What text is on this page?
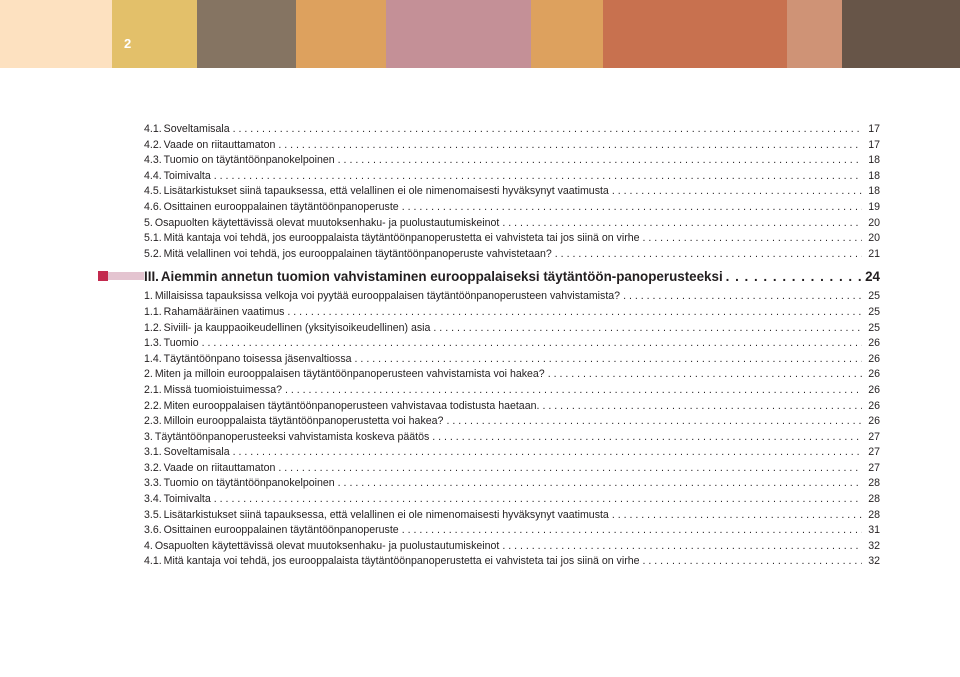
2
4.1. Soveltamisala . . .	17
4.2. Vaade on riitauttamaton . . .	17
4.3. Tuomio on täytäntöönpanokelpoinen . . .	18
4.4. Toimivalta . . .	18
4.5. Lisätarkistukset siinä tapauksessa, että velallinen ei ole nimenomaisesti hyväksynyt vaatimusta . . .	18
4.6. Osittainen eurooppalainen täytäntöönpanoperuste . . .	19
5. Osapuolten käytettävissä olevat muutoksenhaku- ja puolustautumiskeinot . . .	20
5.1. Mitä kantaja voi tehdä, jos eurooppalaista täytäntöönpanoperustetta ei vahvisteta tai jos siinä on virhe . . .	20
5.2. Mitä velallinen voi tehdä, jos eurooppalainen täytäntöönpanoperuste vahvistetaan? . . .	21
III. Aiemmin annetun tuomion vahvistaminen eurooppalaiseksi täytäntöön-panoperusteeksi . . .	24
1. Millaisissa tapauksissa velkoja voi pyytää eurooppalaisen täytäntöönpanoperusteen vahvistamista? . . .	25
1.1. Rahamääräinen vaatimus . . .	25
1.2. Siviili- ja kauppaoikeudellinen (yksityisoikeudellinen) asia . . .	25
1.3. Tuomio . . .	26
1.4. Täytäntöönpano toisessa jäsenvaltiossa . . .	26
2. Miten ja milloin eurooppalaisen täytäntöönpanoperusteen vahvistamista voi hakea? . . .	26
2.1. Missä tuomioistuimessa? . . .	26
2.2. Miten eurooppalaisen täytäntöönpanoperusteen vahvistavaa todistusta haetaan. . . .	26
2.3. Milloin eurooppalaista täytäntöönpanoperustetta voi hakea? . . .	26
3. Täytäntöönpanoperusteeksi vahvistamista koskeva päätös . . .	27
3.1. Soveltamisala . . .	27
3.2. Vaade on riitauttamaton . . .	27
3.3. Tuomio on täytäntöönpanokelpoinen . . .	28
3.4. Toimivalta . . .	28
3.5. Lisätarkistukset siinä tapauksessa, että velallinen ei ole nimenomaisesti hyväksynyt vaatimusta . . .	28
3.6. Osittainen eurooppalainen täytäntöönpanoperuste . . .	31
4. Osapuolten käytettävissä olevat muutoksenhaku- ja puolustautumiskeinot . . .	32
4.1. Mitä kantaja voi tehdä, jos eurooppalaista täytäntöönpanoperustetta ei vahvisteta tai jos siinä on virhe . . .	32
